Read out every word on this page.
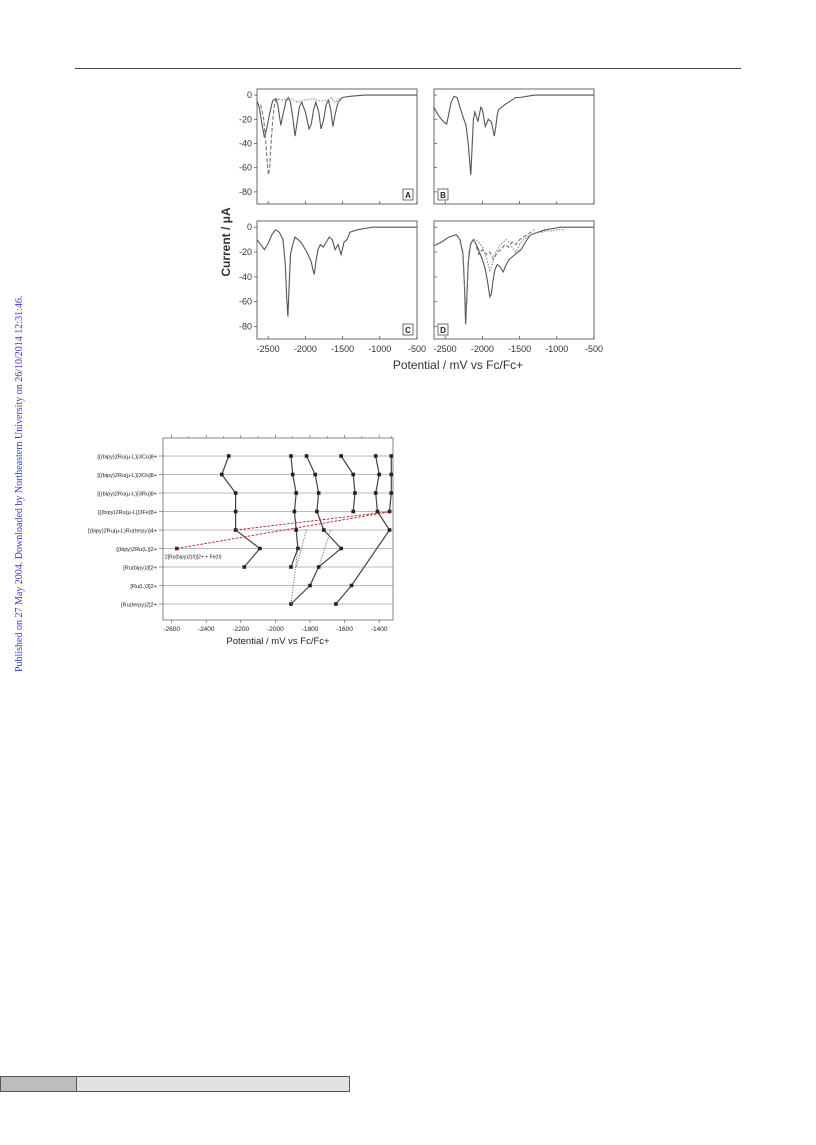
Published on 27 May 2004. Downloaded by Northeastern University on 26/10/2014 12:31:46.
Current / μA
Potential / mV vs Fc/Fc+
0
-20
-40
-60
-80	A	B
0
-20
-40
-60
-80
-2500 -2000 -1500 -1000 -500
C
-2500 -2000 -1500 -1000 -500
D
[{(bipy)2Ru(μ-L)}3Co]8+
[{(bipy)2Ru(μ-L)}3Os]8+
[{(bipy)2Ru(μ-L)}3Ru]8+
[{(bipy)2Ru(μ-L)}3Fe]8+
[(bipy)2Ru(μ-L)Ru(terpy)]4+
[(bipy)2Ru(L)]2+
[Ru(bipy)3]2+
[Ru(L)3]2+
[Ru(terpy)2]2+
-2600	-2400	-2200	-2000	-1800	-1600	-1400
2[Ru(bipy)2(II)]2+ + Fe(II)
Potential / mV vs Fc/Fc+
